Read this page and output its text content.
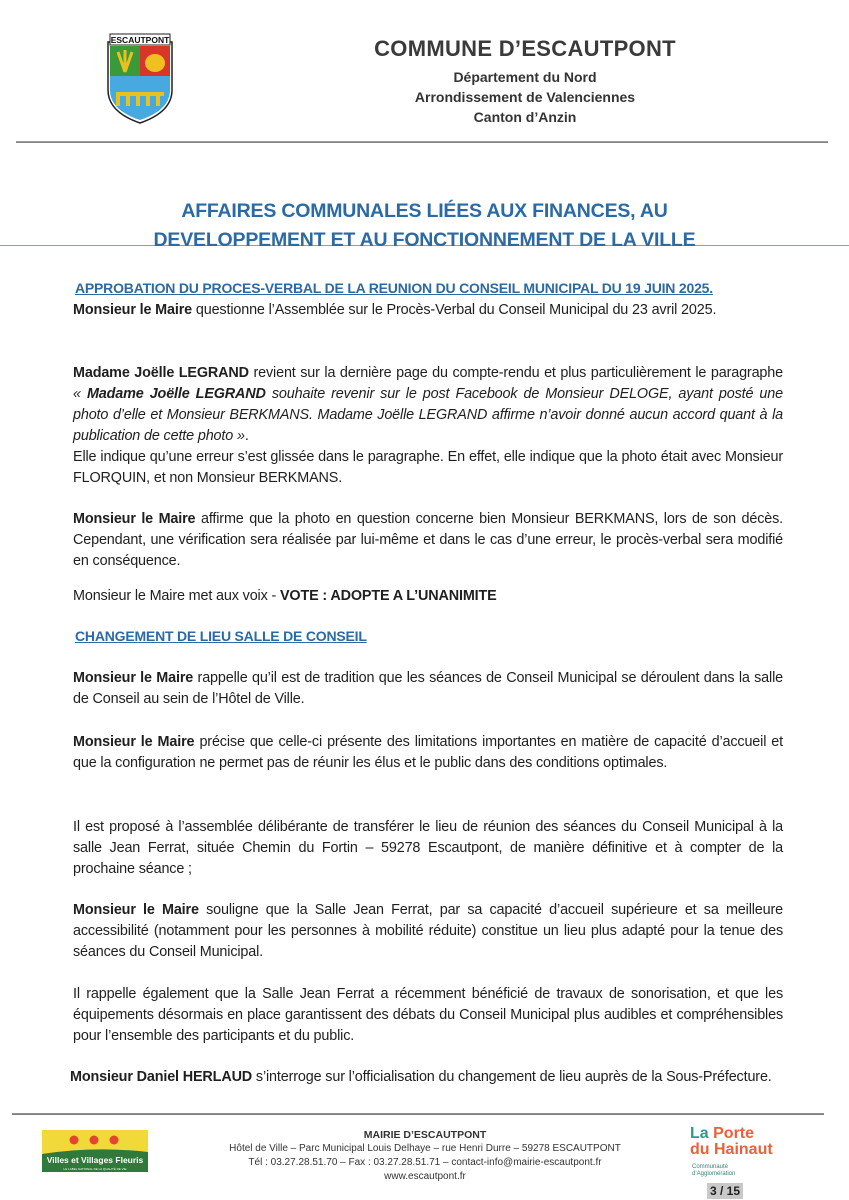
ESCAUTPONT	COMMUNE D’ESCAUTPONT
Département du Nord
Arrondissement de Valenciennes
Canton d’Anzin
AFFAIRES COMMUNALES LIÉES AUX FINANCES, AU
DEVELOPPEMENT ET AU FONCTIONNEMENT DE LA VILLE
APPROBATION DU PROCES-VERBAL DE LA REUNION DU CONSEIL MUNICIPAL DU 19 JUIN 2025.
Monsieur le Maire questionne l’Assemblée sur le Procès-Verbal du Conseil Municipal du 23 avril 2025.
Madame Joëlle LEGRAND revient sur la dernière page du compte-rendu et plus particulièrement le paragraphe « Madame Joëlle LEGRAND souhaite revenir sur le post Facebook de Monsieur DELOGE, ayant posté une photo d’elle et Monsieur BERKMANS. Madame Joëlle LEGRAND affirme n’avoir donné aucun accord quant à la publication de cette photo ».
Elle indique qu’une erreur s’est glissée dans le paragraphe. En effet, elle indique que la photo était avec Monsieur FLORQUIN, et non Monsieur BERKMANS.
Monsieur le Maire affirme que la photo en question concerne bien Monsieur BERKMANS, lors de son décès. Cependant, une vérification sera réalisée par lui-même et dans le cas d’une erreur, le procès-verbal sera modifié en conséquence.
Monsieur le Maire met aux voix - VOTE : ADOPTE A L’UNANIMITE
CHANGEMENT DE LIEU SALLE DE CONSEIL
Monsieur le Maire rappelle qu’il est de tradition que les séances de Conseil Municipal se déroulent dans la salle de Conseil au sein de l’Hôtel de Ville.
Monsieur le Maire précise que celle-ci présente des limitations importantes en matière de capacité d’accueil et que la configuration ne permet pas de réunir les élus et le public dans des conditions optimales.
Il est proposé à l’assemblée délibérante de transférer le lieu de réunion des séances du Conseil Municipal à la salle Jean Ferrat, située Chemin du Fortin – 59278 Escautpont, de manière définitive et à compter de la prochaine séance ;
Monsieur le Maire souligne que la Salle Jean Ferrat, par sa capacité d’accueil supérieure et sa meilleure accessibilité (notamment pour les personnes à mobilité réduite) constitue un lieu plus adapté pour la tenue des séances du Conseil Municipal.
Il rappelle également que la Salle Jean Ferrat a récemment bénéficié de travaux de sonorisation, et que les équipements désormais en place garantissent des débats du Conseil Municipal plus audibles et compréhensibles pour l’ensemble des participants et du public.
Monsieur Daniel HERLAUD s’interroge sur l’officialisation du changement de lieu auprès de la Sous-Préfecture.
Villes et Villages Fleuris
LE LABEL NATIONAL DE LA QUALITÉ DE VIE
MAIRIE D’ESCAUTPONT
Hôtel de Ville – Parc Municipal Louis Delhaye – rue Henri Durre – 59278 ESCAUTPONT
Tél : 03.27.28.51.70 – Fax : 03.27.28.51.71 – contact-info@mairie-escautpont.fr
www.escautpont.fr
La Porte
du Hainaut
Communauté
d’Agglomération
3 / 15
